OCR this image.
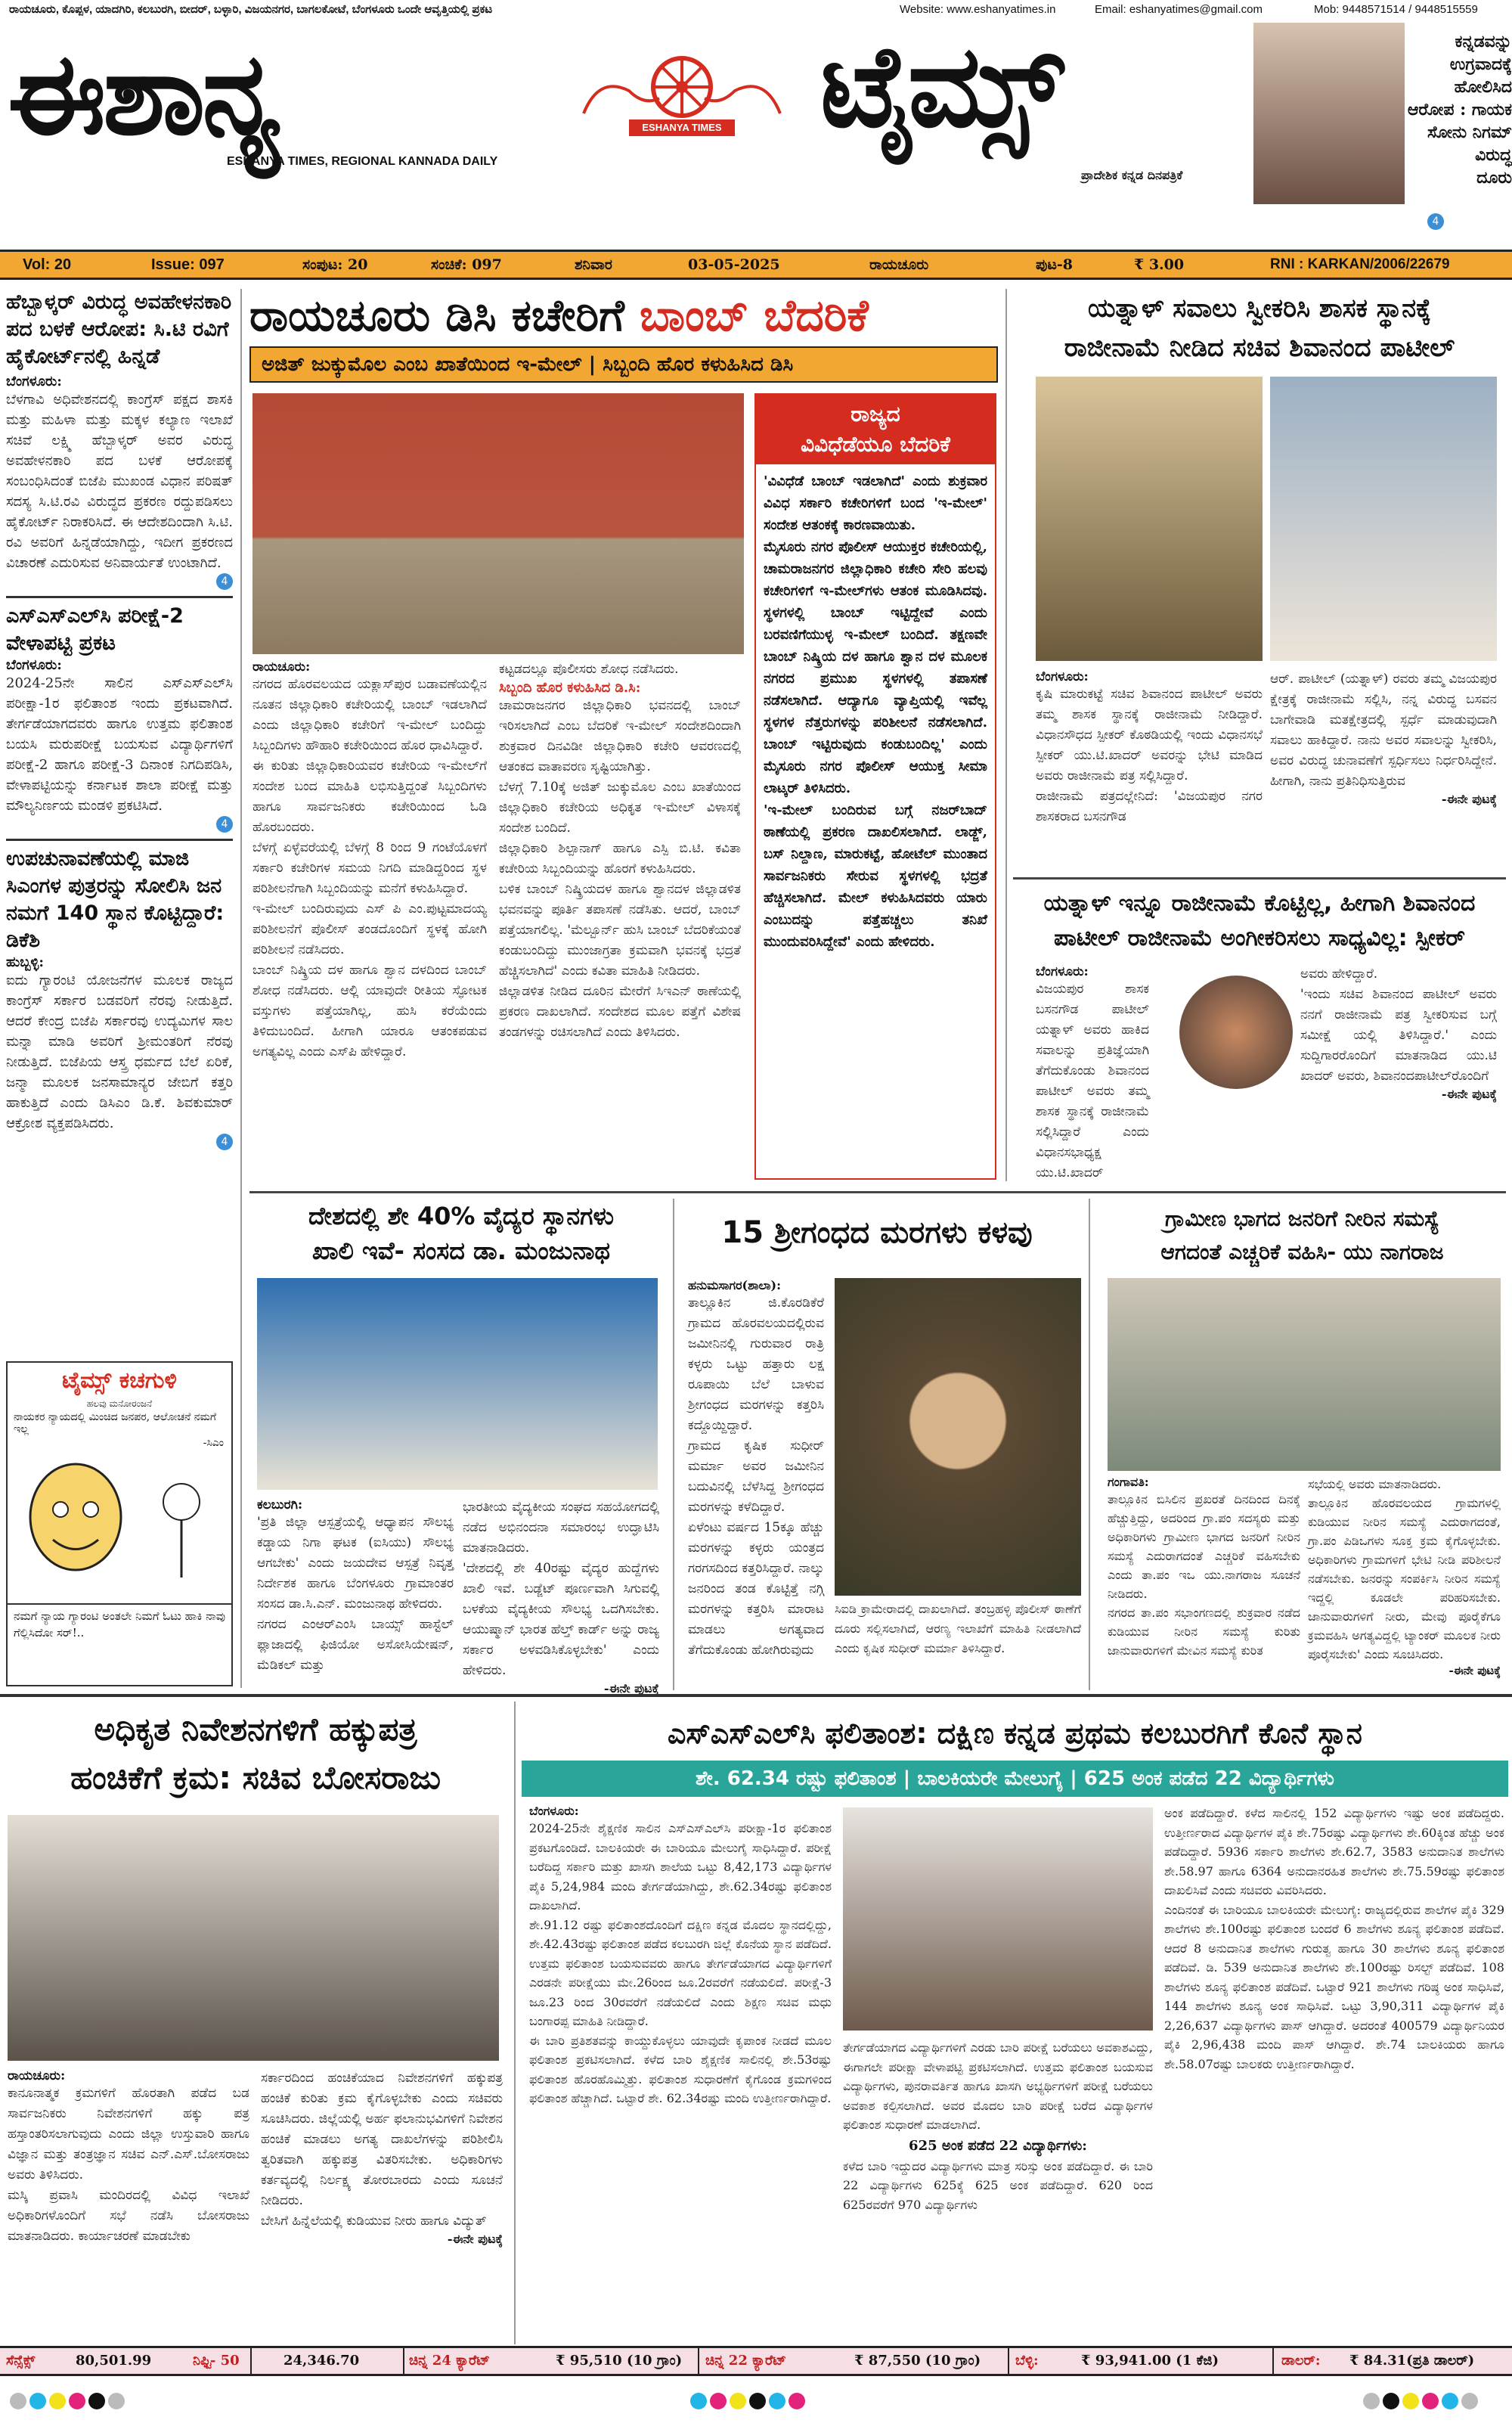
ರಾಯಚೂರು, ಕೊಪ್ಪಳ, ಯಾದಗಿರಿ, ಕಲಬುರಗಿ, ಬೀದರ್, ಬಳ್ಳಾರಿ, ವಿಜಯನಗರ, ಬಾಗಲಕೋಟೆ, ಬೆಂಗಳೂರು ಒಂದೇ ಆವೃತ್ತಿಯಲ್ಲಿ ಪ್ರಕಟ	Website: www.eshanyatimes.in	Email: eshanyatimes@gmail.com	Mob: 9448571514 / 9448515559
ಈಶಾನ್ಯ	ESHANYA TIMES
ESHANYA TIMES, REGIONAL KANNADA DAILY
ಟೈಮ್ಸ್
ಪ್ರಾದೇಶಿಕ ಕನ್ನಡ ದಿನಪತ್ರಿಕೆ
ಕನ್ನಡವನ್ನು
ಉಗ್ರವಾದಕ್ಕೆ
ಹೋಲಿಸಿದ
ಆರೋಪ : ಗಾಯಕ
ಸೋನು ನಿಗಮ್
ವಿರುದ್ಧ
ದೂರು
4
Vol: 20	Issue: 097	ಸಂಪುಟ: 20	ಸಂಚಿಕೆ: 097	ಶನಿವಾರ	03-05-2025	ರಾಯಚೂರು	ಪುಟ-8	₹ 3.00	RNI : KARKAN/2006/22679
ಹೆಬ್ಬಾಳ್ಕರ್ ವಿರುದ್ಧ ಅವಹೇಳನಕಾರಿ ಪದ ಬಳಕೆ ಆರೋಪ: ಸಿ.ಟಿ ರವಿಗೆ ಹೈಕೋರ್ಟ್‌ನಲ್ಲಿ ಹಿನ್ನಡೆ
ಬೆಂಗಳೂರು:
ಬೆಳಗಾವಿ ಅಧಿವೇಶನದಲ್ಲಿ ಕಾಂಗ್ರೆಸ್ ಪಕ್ಷದ ಶಾಸಕಿ ಮತ್ತು ಮಹಿಳಾ ಮತ್ತು ಮಕ್ಕಳ ಕಲ್ಯಾಣ ಇಲಾಖೆ ಸಚಿವೆ ಲಕ್ಷ್ಮಿ ಹೆಬ್ಬಾಳ್ಕರ್ ಅವರ ವಿರುದ್ಧ ಅವಹೇಳನಕಾರಿ ಪದ ಬಳಕೆ ಆರೋಪಕ್ಕೆ ಸಂಬಂಧಿಸಿದಂತೆ ಬಿಜೆಪಿ ಮುಖಂಡ ವಿಧಾನ ಪರಿಷತ್ ಸದಸ್ಯ ಸಿ.ಟಿ.ರವಿ ವಿರುದ್ಧದ ಪ್ರಕರಣ ರದ್ದುಪಡಿಸಲು ಹೈಕೋರ್ಟ್ ನಿರಾಕರಿಸಿದೆ. ಈ ಆದೇಶದಿಂದಾಗಿ ಸಿ.ಟಿ. ರವಿ ಅವರಿಗೆ ಹಿನ್ನಡೆಯಾಗಿದ್ದು, ಇದೀಗ ಪ್ರಕರಣದ ವಿಚಾರಣೆ ಎದುರಿಸುವ ಅನಿವಾರ್ಯತೆ ಉಂಟಾಗಿದೆ.
4
ಎಸ್‌ಎಸ್‌ಎಲ್‌ಸಿ ಪರೀಕ್ಷೆ-2 ವೇಳಾಪಟ್ಟಿ ಪ್ರಕಟ
ಬೆಂಗಳೂರು:
2024-25ನೇ ಸಾಲಿನ ಎಸ್‌ಎಸ್‌ಎಲ್‌ಸಿ ಪರೀಕ್ಷಾ-1ರ ಫಲಿತಾಂಶ ಇಂದು ಪ್ರಕಟವಾಗಿದೆ. ತೇರ್ಗಡೆಯಾಗದವರು ಹಾಗೂ ಉತ್ತಮ ಫಲಿತಾಂಶ ಬಯಸಿ ಮರುಪರೀಕ್ಷೆ ಬಯಸುವ ವಿದ್ಯಾರ್ಥಿಗಳಿಗೆ ಪರೀಕ್ಷೆ-2 ಹಾಗೂ ಪರೀಕ್ಷೆ-3 ದಿನಾಂಕ ನಿಗದಿಪಡಿಸಿ, ವೇಳಾಪಟ್ಟಿಯನ್ನು ಕರ್ನಾಟಕ ಶಾಲಾ ಪರೀಕ್ಷೆ ಮತ್ತು ಮೌಲ್ಯನಿರ್ಣಯ ಮಂಡಳಿ ಪ್ರಕಟಿಸಿದೆ.
4
ಉಪಚುನಾವಣೆಯಲ್ಲಿ ಮಾಜಿ ಸಿಎಂಗಳ ಪುತ್ರರನ್ನು ಸೋಲಿಸಿ ಜನ ನಮಗೆ 140 ಸ್ಥಾನ ಕೊಟ್ಟಿದ್ದಾರೆ: ಡಿಕೆಶಿ
ಹುಬ್ಬಳ್ಳಿ:
ಐದು ಗ್ಯಾರಂಟಿ ಯೋಜನೆಗಳ ಮೂಲಕ ರಾಜ್ಯದ ಕಾಂಗ್ರೆಸ್ ಸರ್ಕಾರ ಬಡವರಿಗೆ ನೆರವು ನೀಡುತ್ತಿದೆ. ಆದರೆ ಕೇಂದ್ರ ಬಿಜೆಪಿ ಸರ್ಕಾರವು ಉದ್ಯಮಿಗಳ ಸಾಲ ಮನ್ನಾ ಮಾಡಿ ಅವರಿಗೆ ಶ್ರೀಮಂತರಿಗೆ ನೆರವು ನೀಡುತ್ತಿದೆ. ಬಿಜೆಪಿಯ ಆಸ್ತ್ರ ಧರ್ಮದ ಬೆಲೆ ಏರಿಕೆ, ಜನ್ಮಾ ಮೂಲಕ ಜನಸಾಮಾನ್ಯರ ಜೇಬಿಗೆ ಕತ್ತರಿ ಹಾಕುತ್ತಿದೆ ಎಂದು ಡಿಸಿಎಂ ಡಿ.ಕೆ. ಶಿವಕುಮಾರ್ ಆಕ್ರೋಶ ವ್ಯಕ್ತಪಡಿಸಿದರು.
4
ಟೈಮ್ಸ್ ಕಚಗುಳಿ
ಹಲವು ಮನೋರಂಜನೆ
ನಾಯಕರ ನ್ಯಾಯದಲ್ಲಿ ಮಿಂಚಿದ ಜನಪರ, ಆಲೋಚನೆ ನಮಗೆ ಇಲ್ಲ
-ಸಿಎಂ
ನಮಗೆ ನ್ಯಾಯ ಗ್ಯಾರಂಟಿ ಅಂತಲೇ ನಿಮಗೆ ಓಟು ಹಾಕಿ ನಾವು ಗೆಲ್ಲಿಸಿದೋ ಸರ್!..
ರಾಯಚೂರು ಡಿಸಿ ಕಚೇರಿಗೆ ಬಾಂಬ್ ಬೆದರಿಕೆ
ಅಜಿತ್ ಜುಕ್ಕುಮೊಲ ಎಂಬ ಖಾತೆಯಿಂದ ಇ-ಮೇಲ್ | ಸಿಬ್ಬಂದಿ ಹೊರ ಕಳುಹಿಸಿದ ಡಿಸಿ
ರಾಯಚೂರು:
ನಗರದ ಹೊರವಲಯದ ಯಕ್ಲಾಸ್‌ಪುರ ಬಡಾವಣೆಯಲ್ಲಿನ ನೂತನ ಜಿಲ್ಲಾಧಿಕಾರಿ ಕಚೇರಿಯಲ್ಲಿ ಬಾಂಬ್ ಇಡಲಾಗಿದೆ ಎಂದು ಜಿಲ್ಲಾಧಿಕಾರಿ ಕಚೇರಿಗೆ ಇ-ಮೇಲ್ ಬಂದಿದ್ದು ಸಿಬ್ಬಂದಿಗಳು ಹೌಹಾರಿ ಕಚೇರಿಯಿಂದ ಹೊರ ಧಾವಿಸಿದ್ದಾರೆ.
ಈ ಕುರಿತು ಜಿಲ್ಲಾಧಿಕಾರಿಯವರ ಕಚೇರಿಯ ಇ-ಮೇಲ್‌ಗೆ ಸಂದೇಶ ಬಂದ ಮಾಹಿತಿ ಲಭಿಸುತ್ತಿದ್ದಂತೆ ಸಿಬ್ಬಂದಿಗಳು ಹಾಗೂ ಸಾರ್ವಜನಿಕರು ಕಚೇರಿಯಿಂದ ಓಡಿ ಹೊರಬಂದರು.
ಬೆಳಗ್ಗೆ ಏಳ್ಳೆವರೆಯಲ್ಲಿ ಬೆಳಗ್ಗೆ 8 ರಿಂದ 9 ಗಂಟೆಯೊಳಗೆ ಸರ್ಕಾರಿ ಕಚೇರಿಗಳ ಸಮಯ ನಿಗದಿ ಮಾಡಿದ್ದರಿಂದ ಸ್ಥಳ ಪರಿಶೀಲನೆಗಾಗಿ ಸಿಬ್ಬಂದಿಯನ್ನು ಮನೆಗೆ ಕಳುಹಿಸಿದ್ದಾರೆ.
ಇ-ಮೇಲ್ ಬಂದಿರುವುದು ಎಸ್ ಪಿ ಎಂ.ಪುಟ್ಟಮಾದಯ್ಯ ಪರಿಶೀಲನೆಗೆ ಪೊಲೀಸ್ ತಂಡದೊಂದಿಗೆ ಸ್ಥಳಕ್ಕೆ ಹೋಗಿ ಪರಿಶೀಲನೆ ನಡೆಸಿದರು.
ಬಾಂಬ್ ನಿಷ್ಕ್ರಿಯ ದಳ ಹಾಗೂ ಶ್ವಾನ ದಳದಿಂದ ಬಾಂಬ್ ಶೋಧ ನಡೆಸಿದರು. ಆಲ್ಲಿ ಯಾವುದೇ ರೀತಿಯ ಸ್ಫೋಟಕ ವಸ್ತುಗಳು ಪತ್ತೆಯಾಗಿಲ್ಲ, ಹುಸಿ ಕರೆಯೆಂದು ತಿಳಿದುಬಂದಿದೆ. ಹೀಗಾಗಿ ಯಾರೂ ಆತಂಕಪಡುವ ಅಗತ್ಯವಿಲ್ಲ ಎಂದು ಎಸ್‌ಪಿ ಹೇಳಿದ್ದಾರೆ.
ಕಟ್ಟಡದಲ್ಲೂ ಪೊಲೀಸರು ಶೋಧ ನಡೆಸಿದರು.
ಸಿಬ್ಬಂದಿ ಹೊರ ಕಳುಹಿಸಿದ ಡಿ.ಸಿ:
ಚಾಮರಾಜನಗರ ಜಿಲ್ಲಾಧಿಕಾರಿ ಭವನದಲ್ಲಿ ಬಾಂಬ್ ಇರಿಸಲಾಗಿದೆ ಎಂಬ ಬೆದರಿಕೆ ಇ-ಮೇಲ್ ಸಂದೇಶದಿಂದಾಗಿ ಶುಕ್ರವಾರ ದಿನವಿಡೀ ಜಿಲ್ಲಾಧಿಕಾರಿ ಕಚೇರಿ ಆವರಣದಲ್ಲಿ ಆತಂಕದ ವಾತಾವರಣ ಸೃಷ್ಟಿಯಾಗಿತ್ತು.
ಬೆಳಗ್ಗೆ 7.10ಕ್ಕೆ ಅಜಿತ್ ಜುಕ್ಕುಮೊಲ ಎಂಬ ಖಾತೆಯಿಂದ ಜಿಲ್ಲಾಧಿಕಾರಿ ಕಚೇರಿಯ ಅಧಿಕೃತ ಇ-ಮೇಲ್ ವಿಳಾಸಕ್ಕೆ ಸಂದೇಶ ಬಂದಿದೆ.
ಜಿಲ್ಲಾಧಿಕಾರಿ ಶಿಲ್ಪಾನಾಗ್ ಹಾಗೂ ಎಸ್ಪಿ ಬಿ.ಟಿ. ಕವಿತಾ ಕಚೇರಿಯ ಸಿಬ್ಬಂದಿಯನ್ನು ಹೊರಗೆ ಕಳುಹಿಸಿದರು.
ಬಳಿಕ ಬಾಂಬ್ ನಿಷ್ಕ್ರಿಯದಳ ಹಾಗೂ ಶ್ವಾನದಳ ಜಿಲ್ಲಾಡಳಿತ ಭವನವನ್ನು ಪೂರ್ತಿ ತಪಾಸಣೆ ನಡೆಸಿತು. ಆದರೆ, ಬಾಂಬ್ ಪತ್ತೆಯಾಗಲಿಲ್ಲ. 'ಮೆಲ್ಬೂರ್ನ್ ಹುಸಿ ಬಾಂಬ್ ಬೆದರಿಕೆಯಂತೆ ಕಂಡುಬಂದಿದ್ದು ಮುಂಜಾಗ್ರತಾ ಕ್ರಮವಾಗಿ ಭವನಕ್ಕೆ ಭದ್ರತೆ ಹೆಚ್ಚಿಸಲಾಗಿದೆ' ಎಂದು ಕವಿತಾ ಮಾಹಿತಿ ನೀಡಿದರು.
ಜಿಲ್ಲಾಡಳಿತ ನೀಡಿದ ದೂರಿನ ಮೇರೆಗೆ ಸಿಇಎನ್ ಠಾಣೆಯಲ್ಲಿ ಪ್ರಕರಣ ದಾಖಲಾಗಿದೆ. ಸಂದೇಶದ ಮೂಲ ಪತ್ತೆಗೆ ವಿಶೇಷ ತಂಡಗಳನ್ನು ರಚಿಸಲಾಗಿದೆ ಎಂದು ತಿಳಿಸಿದರು.
ರಾಜ್ಯದ
ವಿವಿಧೆಡೆಯೂ ಬೆದರಿಕೆ
'ವಿವಿಧೆಡೆ ಬಾಂಬ್ ಇಡಲಾಗಿದೆ' ಎಂದು ಶುಕ್ರವಾರ ವಿವಿಧ ಸರ್ಕಾರಿ ಕಚೇರಿಗಳಿಗೆ ಬಂದ 'ಇ-ಮೇಲ್' ಸಂದೇಶ ಆತಂಕಕ್ಕೆ ಕಾರಣವಾಯಿತು.
ಮೈಸೂರು ನಗರ ಪೊಲೀಸ್ ಆಯುಕ್ತರ ಕಚೇರಿಯಲ್ಲಿ, ಚಾಮರಾಜನಗರ ಜಿಲ್ಲಾಧಿಕಾರಿ ಕಚೇರಿ ಸೇರಿ ಹಲವು ಕಚೇರಿಗಳಿಗೆ ಇ-ಮೇಲ್‌ಗಳು ಆತಂಕ ಮೂಡಿಸಿದವು. ಸ್ಥಳಗಳಲ್ಲಿ ಬಾಂಬ್ ಇಟ್ಟಿದ್ದೇವೆ ಎಂದು ಬರವಣಿಗೆಯುಳ್ಳ ಇ-ಮೇಲ್ ಬಂದಿದೆ. ತಕ್ಷಣವೇ ಬಾಂಬ್ ನಿಷ್ಕ್ರಿಯ ದಳ ಹಾಗೂ ಶ್ವಾನ ದಳ ಮೂಲಕ ನಗರದ ಪ್ರಮುಖ ಸ್ಥಳಗಳಲ್ಲಿ ತಪಾಸಣೆ ನಡೆಸಲಾಗಿದೆ. ಆದ್ಯಾಗೂ ವ್ಯಾಪ್ತಿಯಲ್ಲಿ ಇವೆಲ್ಲ ಸ್ಥಳಗಳ ನೆತ್ತರುಗಳನ್ನು ಪರಿಶೀಲನೆ ನಡೆಸಲಾಗಿದೆ. ಬಾಂಬ್ ಇಟ್ಟಿರುವುದು ಕಂಡುಬಂದಿಲ್ಲ' ಎಂದು ಮೈಸೂರು ನಗರ ಪೊಲೀಸ್ ಆಯುಕ್ತ ಸೀಮಾ ಲಾಟ್ಕರ್ ತಿಳಿಸಿದರು.
'ಇ-ಮೇಲ್ ಬಂದಿರುವ ಬಗ್ಗೆ ನಜರ್‌ಬಾದ್ ಠಾಣೆಯಲ್ಲಿ ಪ್ರಕರಣ ದಾಖಲಿಸಲಾಗಿದೆ. ಲಾಡ್ಜ್, ಬಸ್ ನಿಲ್ದಾಣ, ಮಾರುಕಟ್ಟೆ, ಹೋಟೆಲ್ ಮುಂತಾದ ಸಾರ್ವಜನಿಕರು ಸೇರುವ ಸ್ಥಳಗಳಲ್ಲಿ ಭದ್ರತೆ ಹೆಚ್ಚಿಸಲಾಗಿದೆ. ಮೇಲ್ ಕಳುಹಿಸಿದವರು ಯಾರು ಎಂಬುದನ್ನು ಪತ್ತೆಹಚ್ಚಲು ತನಿಖೆ ಮುಂದುವರಿಸಿದ್ದೇವೆ' ಎಂದು ಹೇಳಿದರು.
ಯತ್ನಾಳ್ ಸವಾಲು ಸ್ವೀಕರಿಸಿ ಶಾಸಕ ಸ್ಥಾನಕ್ಕೆ
ರಾಜೀನಾಮೆ ನೀಡಿದ ಸಚಿವ ಶಿವಾನಂದ ಪಾಟೀಲ್
ಬೆಂಗಳೂರು:
ಕೃಷಿ ಮಾರುಕಟ್ಟೆ ಸಚಿವ ಶಿವಾನಂದ ಪಾಟೀಲ್ ಅವರು ತಮ್ಮ ಶಾಸಕ ಸ್ಥಾನಕ್ಕೆ ರಾಜೀನಾಮೆ ನೀಡಿದ್ದಾರೆ. ವಿಧಾನಸೌಧದ ಸ್ಪೀಕರ್ ಕೊಠಡಿಯಲ್ಲಿ ಇಂದು ವಿಧಾನಸಭೆ ಸ್ಪೀಕರ್ ಯು.ಟಿ.ಖಾದರ್ ಅವರನ್ನು ಭೇಟಿ ಮಾಡಿದ ಅವರು ರಾಜೀನಾಮೆ ಪತ್ರ ಸಲ್ಲಿಸಿದ್ದಾರೆ.
ರಾಜೀನಾಮೆ ಪತ್ರದಲ್ಲೇನಿದೆ: 'ವಿಜಯಪುರ ನಗರ ಶಾಸಕರಾದ ಬಸನಗೌಡ
ಆರ್. ಪಾಟೀಲ್ (ಯತ್ನಾಳ್) ರವರು ತಮ್ಮ ವಿಜಯಪುರ ಕ್ಷೇತ್ರಕ್ಕೆ ರಾಜೀನಾಮೆ ಸಲ್ಲಿಸಿ, ನನ್ನ ವಿರುದ್ಧ ಬಸವನ ಬಾಗೇವಾಡಿ ಮತಕ್ಷೇತ್ರದಲ್ಲಿ ಸ್ಪರ್ಧೆ ಮಾಡುವುದಾಗಿ ಸವಾಲು ಹಾಕಿದ್ದಾರೆ. ನಾನು ಅವರ ಸವಾಲನ್ನು ಸ್ವೀಕರಿಸಿ, ಅವರ ವಿರುದ್ಧ ಚುನಾವಣೆಗೆ ಸ್ಪರ್ಧಿಸಲು ನಿರ್ಧರಿಸಿದ್ದೇನೆ. ಹೀಗಾಗಿ, ನಾನು ಪ್ರತಿನಿಧಿಸುತ್ತಿರುವ
-ಈನೇ ಪುಟಕ್ಕೆ
ಯತ್ನಾಳ್ ಇನ್ನೂ ರಾಜೀನಾಮೆ ಕೊಟ್ಟಿಲ್ಲ, ಹೀಗಾಗಿ ಶಿವಾನಂದ
ಪಾಟೀಲ್ ರಾಜೀನಾಮೆ ಅಂಗೀಕರಿಸಲು ಸಾಧ್ಯವಿಲ್ಲ: ಸ್ಪೀಕರ್
ಬೆಂಗಳೂರು:
ವಿಜಯಪುರ ಶಾಸಕ ಬಸನಗೌಡ ಪಾಟೀಲ್ ಯತ್ನಾಳ್ ಅವರು ಹಾಕಿದ ಸವಾಲನ್ನು ಪ್ರತಿಜ್ಞೆಯಾಗಿ ತೆಗೆದುಕೊಂಡು ಶಿವಾನಂದ ಪಾಟೀಲ್ ಅವರು ತಮ್ಮ ಶಾಸಕ ಸ್ಥಾನಕ್ಕೆ ರಾಜೀನಾಮೆ ಸಲ್ಲಿಸಿದ್ದಾರೆ ಎಂದು ವಿಧಾನಸಭಾಧ್ಯಕ್ಷ ಯು.ಟಿ.ಖಾದರ್
ಅವರು ಹೇಳಿದ್ದಾರೆ.
'ಇಂದು ಸಚಿವ ಶಿವಾನಂದ ಪಾಟೀಲ್ ಅವರು ನನಗೆ ರಾಜೀನಾಮೆ ಪತ್ರ ಸ್ವೀಕರಿಸುವ ಬಗ್ಗೆ ಸಮೀಕ್ಷೆ ಯಲ್ಲಿ ತಿಳಿಸಿದ್ದಾರೆ.' ಎಂದು ಸುದ್ದಿಗಾರರೊಂದಿಗೆ ಮಾತನಾಡಿದ ಯು.ಟಿ ಖಾದರ್ ಅವರು, ಶಿವಾನಂದಪಾಟೀಲ್‌ರೊಂದಿಗೆ
-ಈನೇ ಪುಟಕ್ಕೆ
ದೇಶದಲ್ಲಿ ಶೇ 40% ವೈದ್ಯರ ಸ್ಥಾನಗಳು
ಖಾಲಿ ಇವೆ- ಸಂಸದ ಡಾ. ಮಂಜುನಾಥ
ಕಲಬುರಗಿ:
'ಪ್ರತಿ ಜಿಲ್ಲಾ ಆಸ್ಪತ್ರೆಯಲ್ಲಿ ಆಧ್ಯಾಪನ ಸೌಲಭ್ಯ ಕಡ್ಡಾಯ ನಿಗಾ ಘಟಕ (ಐಸಿಯು) ಸೌಲಭ್ಯ ಆಗಬೇಕು' ಎಂದು ಜಯದೇವ ಆಸ್ಪತ್ರೆ ನಿವೃತ್ತ ನಿರ್ದೇಶಕ ಹಾಗೂ ಬೆಂಗಳೂರು ಗ್ರಾಮಾಂತರ ಸಂಸದ ಡಾ.ಸಿ.ಎನ್. ಮಂಜುನಾಥ ಹೇಳಿದರು.
ನಗರದ ಎಂಆರ್‌ಎಂಸಿ ಬಾಯ್ಸ್ ಹಾಸ್ಟೆಲ್ ಪ್ಲಾಜಾದಲ್ಲಿ ಫಿಜಿಯೋ ಅಸೋಸಿಯೇಷನ್, ಮೆಡಿಕಲ್ ಮತ್ತು
ಭಾರತೀಯ ವೈದ್ಯಕೀಯ ಸಂಘದ ಸಹಯೋಗದಲ್ಲಿ ನಡೆದ ಅಭಿನಂದನಾ ಸಮಾರಂಭ ಉದ್ಘಾಟಿಸಿ ಮಾತನಾಡಿದರು.
'ದೇಶದಲ್ಲಿ ಶೇ 40ರಷ್ಟು ವೈದ್ಯರ ಹುದ್ದೆಗಳು ಖಾಲಿ ಇವೆ. ಬಡ್ಜೆಟ್ ಪೂರ್ಣವಾಗಿ ಸಿಗುವಲ್ಲಿ ಬಳಕೆಯ ವೈದ್ಯಕೀಯ ಸೌಲಭ್ಯ ಒದಗಿಸಬೇಕು. ಆಯುಷ್ಮಾನ್ ಭಾರತ ಹೆಲ್ತ್ ಕಾರ್ಡ್ ಅನ್ನು ರಾಜ್ಯ ಸರ್ಕಾರ ಅಳವಡಿಸಿಕೊಳ್ಳಬೇಕು' ಎಂದು ಹೇಳಿದರು.
-ಈನೇ ಪುಟಕ್ಕೆ
15 ಶ್ರೀಗಂಧದ ಮರಗಳು ಕಳವು
ಹನುಮಸಾಗರ(ಶಾಲಾ):
ತಾಲ್ಲೂಕಿನ ಜಿ.ಕೊರಡಿಕೆರೆ ಗ್ರಾಮದ ಹೊರವಲಯದಲ್ಲಿರುವ ಜಮೀನಿನಲ್ಲಿ ಗುರುವಾರ ರಾತ್ರಿ ಕಳ್ಳರು ಒಟ್ಟು ಹತ್ತಾರು ಲಕ್ಷ ರೂಪಾಯಿ ಬೆಲೆ ಬಾಳುವ ಶ್ರೀಗಂಧದ ಮರಗಳನ್ನು ಕತ್ತರಿಸಿ ಕದ್ದೊಯ್ದಿದ್ದಾರೆ.
ಗ್ರಾಮದ ಕೃಷಿಕ ಸುಧೀರ್ ಮರ್ಮಾ ಅವರ ಜಮೀನಿನ ಬದುವಿನಲ್ಲಿ ಬೆಳೆಸಿದ್ದ ಶ್ರೀಗಂಧದ ಮರಗಳನ್ನು ಕಳೆದಿದ್ದಾರೆ.
ಏಳೆಂಟು ವರ್ಷದ 15ಕ್ಕೂ ಹೆಚ್ಚು ಮರಗಳನ್ನು ಕಳ್ಳರು ಯಂತ್ರದ ಗರಗಸದಿಂದ ಕತ್ತರಿಸಿದ್ದಾರೆ. ನಾಲ್ಕು ಜನರಿಂದ ತಂಡ ಕೊಟ್ಟಿತ್ತೆ ನಗ್ಗಿ ಮರಗಳನ್ನು ಕತ್ತರಿಸಿ ಮಾರಾಟ ಮಾಡಲು ಅಗತ್ಯವಾದ ತೆಗೆದುಕೊಂಡು ಹೋಗಿರುವುದು
ಸಿಐಡಿ ಕ್ರಾಮೇರಾದಲ್ಲಿ ದಾಖಲಾಗಿದೆ. ತಂಬ್ರಹಳ್ಳಿ ಪೊಲೀಸ್ ಠಾಣೆಗೆ ದೂರು ಸಲ್ಲಿಸಲಾಗಿದೆ, ಆರಣ್ಯ ಇಲಾಖೆಗೆ ಮಾಹಿತಿ ನೀಡಲಾಗಿದೆ ಎಂದು ಕೃಷಿಕ ಸುಧೀರ್ ಮರ್ಮಾ ತಿಳಿಸಿದ್ದಾರೆ.
ಗ್ರಾಮೀಣ ಭಾಗದ ಜನರಿಗೆ ನೀರಿನ ಸಮಸ್ಯೆ
ಆಗದಂತೆ ಎಚ್ಚರಿಕೆ ವಹಿಸಿ- ಯು ನಾಗರಾಜ
ಗಂಗಾವತಿ:
ತಾಲ್ಲೂಕಿನ ಬಿಸಿಲಿನ ಪ್ರಖರತೆ ದಿನದಿಂದ ದಿನಕ್ಕೆ ಹೆಚ್ಚುತ್ತಿದ್ದು, ಅದರಿಂದ ಗ್ರಾ.ಪಂ ಸದಸ್ಯರು ಮತ್ತು ಅಧಿಕಾರಿಗಳು ಗ್ರಾಮೀಣ ಭಾಗದ ಜನರಿಗೆ ನೀರಿನ ಸಮಸ್ಯೆ ಎದುರಾಗದಂತೆ ಎಚ್ಚರಿಕೆ ವಹಿಸಬೇಕು ಎಂದು ತಾ.ಪಂ ಇಒ ಯು.ನಾಗರಾಜ ಸೂಚನೆ ನೀಡಿದರು.
ನಗರದ ತಾ.ಪಂ ಸಭಾಂಗಣದಲ್ಲಿ ಶುಕ್ರವಾರ ನಡೆದ ಕುಡಿಯುವ ನೀರಿನ ಸಮಸ್ಯೆ ಕುರಿತು ಜಾನುವಾರುಗಳಿಗೆ ಮೇವಿನ ಸಮಸ್ಯೆ ಕುರಿತ
ಸಭೆಯಲ್ಲಿ ಅವರು ಮಾತನಾಡಿದರು.
ತಾಲ್ಲೂಕಿನ ಹೊರವಲಯದ ಗ್ರಾಮಗಳಲ್ಲಿ ಕುಡಿಯುವ ನೀರಿನ ಸಮಸ್ಯೆ ಎದುರಾಗದಂತೆ, ಗ್ರಾ.ಪಂ ಪಿಡಿಒಗಳು ಸೂಕ್ತ ಕ್ರಮ ಕೈಗೊಳ್ಳಬೇಕು. ಅಧಿಕಾರಿಗಳು ಗ್ರಾಮಗಳಿಗೆ ಭೇಟಿ ನೀಡಿ ಪರಿಶೀಲನೆ ನಡೆಸಬೇಕು. ಜನರನ್ನು ಸಂಪರ್ಕಿಸಿ ನೀರಿನ ಸಮಸ್ಯೆ ಇದ್ದಲ್ಲಿ ಕೂಡಲೇ ಪರಿಹರಿಸಬೇಕು. ಜಾನುವಾರುಗಳಿಗೆ ನೀರು, ಮೇವು ಪೂರೈಕೆಗೂ ಕ್ರಮವಹಿಸಿ ಅಗತ್ಯವಿದ್ದಲ್ಲಿ ಟ್ಯಾಂಕರ್ ಮೂಲಕ ನೀರು ಪೂರೈಸಬೇಕು' ಎಂದು ಸೂಚಿಸಿದರು.
-ಈನೇ ಪುಟಕ್ಕೆ
ಅಧಿಕೃತ ನಿವೇಶನಗಳಿಗೆ ಹಕ್ಕುಪತ್ರ
ಹಂಚಿಕೆಗೆ ಕ್ರಮ: ಸಚಿವ ಬೋಸರಾಜು
ರಾಯಚೂರು:
ಕಾನೂನಾತ್ಮಕ ಕ್ರಮಗಳಿಗೆ ಹೊರತಾಗಿ ಪಡೆದ ಬಡ ಸಾರ್ವಜನಿಕರು ನಿವೇಶನಗಳಿಗೆ ಹಕ್ಕು ಪತ್ರ ಹಸ್ತಾಂತರಿಸಲಾಗುವುದು ಎಂದು ಜಿಲ್ಲಾ ಉಸ್ತುವಾರಿ ಹಾಗೂ ವಿಜ್ಞಾನ ಮತ್ತು ತಂತ್ರಜ್ಞಾನ ಸಚಿವ ಎನ್.ಎಸ್.ಬೋಸರಾಜು ಅವರು ತಿಳಿಸಿದರು.
ಮಸ್ಕಿ ಪ್ರವಾಸಿ ಮಂದಿರದಲ್ಲಿ ವಿವಿಧ ಇಲಾಖೆ ಅಧಿಕಾರಿಗಳೊಂದಿಗೆ ಸಭೆ ನಡೆಸಿ ಬೋಸರಾಜು ಮಾತನಾಡಿದರು. ಕಾರ್ಯಾಚರಣೆ ಮಾಡಬೇಕು
ಸರ್ಕಾರದಿಂದ ಹಂಚಿಕೆಯಾದ ನಿವೇಶನಗಳಿಗೆ ಹಕ್ಕುಪತ್ರ ಹಂಚಿಕೆ ಕುರಿತು ಕ್ರಮ ಕೈಗೊಳ್ಳಬೇಕು ಎಂದು ಸಚಿವರು ಸೂಚಿಸಿದರು. ಜಿಲ್ಲೆಯಲ್ಲಿ ಅರ್ಹ ಫಲಾನುಭವಿಗಳಿಗೆ ನಿವೇಶನ ಹಂಚಿಕೆ ಮಾಡಲು ಅಗತ್ಯ ದಾಖಲೆಗಳನ್ನು ಪರಿಶೀಲಿಸಿ ತ್ವರಿತವಾಗಿ ಹಕ್ಕುಪತ್ರ ವಿತರಿಸಬೇಕು. ಅಧಿಕಾರಿಗಳು ಕರ್ತವ್ಯದಲ್ಲಿ ನಿರ್ಲಕ್ಷ್ಯ ತೋರಬಾರದು ಎಂದು ಸೂಚನೆ ನೀಡಿದರು.
ಬೇಸಿಗೆ ಹಿನ್ನೆಲೆಯಲ್ಲಿ ಕುಡಿಯುವ ನೀರು ಹಾಗೂ ವಿದ್ಯುತ್
-ಈನೇ ಪುಟಕ್ಕೆ
ಎಸ್‌ಎಸ್‌ಎಲ್‌ಸಿ ಫಲಿತಾಂಶ: ದಕ್ಷಿಣ ಕನ್ನಡ ಪ್ರಥಮ ಕಲಬುರಗಿಗೆ ಕೊನೆ ಸ್ಥಾನ
ಶೇ. 62.34 ರಷ್ಟು ಫಲಿತಾಂಶ | ಬಾಲಕಿಯರೇ ಮೇಲುಗೈ | 625 ಅಂಕ ಪಡೆದ 22 ವಿದ್ಯಾರ್ಥಿಗಳು
ಬೆಂಗಳೂರು:
2024-25ನೇ ಶೈಕ್ಷಣಿಕ ಸಾಲಿನ ಎಸ್‌ಎಸ್‌ಎಲ್‌ಸಿ ಪರೀಕ್ಷಾ-1ರ ಫಲಿತಾಂಶ ಪ್ರಕಟಗೊಂಡಿದೆ. ಬಾಲಕಿಯರೇ ಈ ಬಾರಿಯೂ ಮೇಲುಗೈ ಸಾಧಿಸಿದ್ದಾರೆ. ಪರೀಕ್ಷೆ ಬರೆದಿದ್ದ ಸರ್ಕಾರಿ ಮತ್ತು ಖಾಸಗಿ ಶಾಲೆಯ ಒಟ್ಟು 8,42,173 ವಿದ್ಯಾರ್ಥಿಗಳ ಪೈಕಿ 5,24,984 ಮಂದಿ ತೇರ್ಗಡೆಯಾಗಿದ್ದು, ಶೇ.62.34ರಷ್ಟು ಫಲಿತಾಂಶ ದಾಖಲಾಗಿದೆ.
ಶೇ.91.12 ರಷ್ಟು ಫಲಿತಾಂಶದೊಂದಿಗೆ ದಕ್ಷಿಣ ಕನ್ನಡ ಮೊದಲ ಸ್ಥಾನದಲ್ಲಿದ್ದು, ಶೇ.42.43ರಷ್ಟು ಫಲಿತಾಂಶ ಪಡೆದ ಕಲಬುರಗಿ ಜಿಲ್ಲೆ ಕೊನೆಯ ಸ್ಥಾನ ಪಡೆದಿದೆ. ಉತ್ತಮ ಫಲಿತಾಂಶ ಬಯಸುವವರು ಹಾಗೂ ತೇರ್ಗಡೆಯಾಗದ ವಿದ್ಯಾರ್ಥಿಗಳಿಗೆ ಎರಡನೇ ಪರೀಕ್ಷೆಯು ಮೇ.26ರಿಂದ ಜೂ.2ರವರೆಗೆ ನಡೆಯಲಿದೆ. ಪರೀಕ್ಷೆ-3 ಜೂ.23 ರಿಂದ 30ರವರೆಗೆ ನಡೆಯಲಿದೆ ಎಂದು ಶಿಕ್ಷಣ ಸಚಿವ ಮಧು ಬಂಗಾರಪ್ಪ ಮಾಹಿತಿ ನೀಡಿದ್ದಾರೆ.
ಈ ಬಾರಿ ಪ್ರತಿಶತವನ್ನು ಕಾಯ್ದುಕೊಳ್ಳಲು ಯಾವುದೇ ಕೃಪಾಂಕ ನೀಡದೆ ಮೂಲ ಫಲಿತಾಂಶ ಪ್ರಕಟಿಸಲಾಗಿದೆ. ಕಳೆದ ಬಾರಿ ಶೈಕ್ಷಣಿಕ ಸಾಲಿನಲ್ಲಿ ಶೇ.53ರಷ್ಟು ಫಲಿತಾಂಶ ಹೊರಹೊಮ್ಮಿತ್ತು. ಫಲಿತಾಂಶ ಸುಧಾರಣೆಗೆ ಕೈಗೊಂಡ ಕ್ರಮಗಳಿಂದ ಫಲಿತಾಂಶ ಹೆಚ್ಚಾಗಿದೆ. ಒಟ್ಟಾರೆ ಶೇ. 62.34ರಷ್ಟು ಮಂದಿ ಉತ್ತೀರ್ಣರಾಗಿದ್ದಾರೆ.
ತೇರ್ಗಡೆಯಾಗದ ವಿದ್ಯಾರ್ಥಿಗಳಿಗೆ ಎರಡು ಬಾರಿ ಪರೀಕ್ಷೆ ಬರೆಯಲು ಅವಕಾಶವಿದ್ದು, ಈಗಾಗಲೇ ಪರೀಕ್ಷಾ ವೇಳಾಪಟ್ಟಿ ಪ್ರಕಟಿಸಲಾಗಿದೆ. ಉತ್ತಮ ಫಲಿತಾಂಶ ಬಯಸುವ ವಿದ್ಯಾರ್ಥಿಗಳು, ಪುನರಾವರ್ತಿತ ಹಾಗೂ ಖಾಸಗಿ ಅಭ್ಯರ್ಥಿಗಳಿಗೆ ಪರೀಕ್ಷೆ ಬರೆಯಲು ಅವಕಾಶ ಕಲ್ಪಿಸಲಾಗಿದೆ. ಅವರ ಮೊದಲ ಬಾರಿ ಪರೀಕ್ಷೆ ಬರೆದ ವಿದ್ಯಾರ್ಥಿಗಳ ಫಲಿತಾಂಶ ಸುಧಾರಣೆ ಮಾಡಲಾಗಿದೆ.
625 ಅಂಕ ಪಡೆದ 22 ವಿದ್ಯಾರ್ಥಿಗಳು:
ಕಳೆದ ಬಾರಿ ಇದ್ದುದರ ವಿದ್ಯಾರ್ಥಿಗಳು ಮಾತ್ರ ಸರಿಸ್ಸು ಅಂಕ ಪಡೆದಿದ್ದಾರೆ. ಈ ಬಾರಿ 22 ವಿದ್ಯಾರ್ಥಿಗಳು 625ಕ್ಕೆ 625 ಅಂಕ ಪಡೆದಿದ್ದಾರೆ. 620 ರಿಂದ 625ರವರೆಗೆ 970 ವಿದ್ಯಾರ್ಥಿಗಳು
ಅಂಕ ಪಡೆದಿದ್ದಾರೆ. ಕಳೆದ ಸಾಲಿನಲ್ಲಿ 152 ವಿದ್ಯಾರ್ಥಿಗಳು ಇಷ್ಟು ಅಂಕ ಪಡೆದಿದ್ದರು. ಉತ್ತೀರ್ಣರಾದ ವಿದ್ಯಾರ್ಥಿಗಳ ಪೈಕಿ ಶೇ.75ರಷ್ಟು ವಿದ್ಯಾರ್ಥಿಗಳು ಶೇ.60ಕ್ಕಿಂತ ಹೆಚ್ಚು ಅಂಕ ಪಡೆದಿದ್ದಾರೆ. 5936 ಸರ್ಕಾರಿ ಶಾಲೆಗಳು ಶೇ.62.7, 3583 ಅನುದಾನಿತ ಶಾಲೆಗಳು ಶೇ.58.97 ಹಾಗೂ 6364 ಅನುದಾನರಹಿತ ಶಾಲೆಗಳು ಶೇ.75.59ರಷ್ಟು ಫಲಿತಾಂಶ ದಾಖಲಿಸಿವೆ ಎಂದು ಸಚಿವರು ವಿವರಿಸಿದರು.
ಎಂದಿನಂತೆ ಈ ಬಾರಿಯೂ ಬಾಲಕಿಯರೇ ಮೇಲುಗೈ: ರಾಜ್ಯದಲ್ಲಿರುವ ಶಾಲೆಗಳ ಪೈಕಿ 329 ಶಾಲೆಗಳು ಶೇ.100ರಷ್ಟು ಫಲಿತಾಂಶ ಬಂದರೆ 6 ಶಾಲೆಗಳು ಶೂನ್ಯ ಫಲಿತಾಂಶ ಪಡೆದಿವೆ. ಆದರೆ 8 ಅನುದಾನಿತ ಶಾಲೆಗಳು ಗುರುತ್ವ ಹಾಗೂ 30 ಶಾಲೆಗಳು ಶೂನ್ಯ ಫಲಿತಾಂಶ ಪಡೆದಿವೆ. ಡಿ. 539 ಅನುದಾನಿತ ಶಾಲೆಗಳು ಶೇ.100ರಷ್ಟು ರಿಸಲ್ಟ್ ಪಡೆದಿವೆ. 108 ಶಾಲೆಗಳು ಶೂನ್ಯ ಫಲಿತಾಂಶ ಪಡೆದಿವೆ. ಒಟ್ಟಾರೆ 921 ಶಾಲೆಗಳು ಗರಿಷ್ಠ ಅಂಕ ಸಾಧಿಸಿವೆ, 144 ಶಾಲೆಗಳು ಶೂನ್ಯ ಅಂಕ ಸಾಧಿಸಿವೆ. ಒಟ್ಟು 3,90,311 ವಿದ್ಯಾರ್ಥಿಗಳ ಪೈಕಿ 2,26,637 ವಿದ್ಯಾರ್ಥಿಗಳು ಪಾಸ್ ಆಗಿದ್ದಾರೆ. ಅದರಂತೆ 400579 ವಿದ್ಯಾರ್ಥಿನಿಯರ ಪೈಕಿ 2,96,438 ಮಂದಿ ಪಾಸ್ ಆಗಿದ್ದಾರೆ. ಶೇ.74 ಬಾಲಕಿಯರು ಹಾಗೂ ಶೇ.58.07ರಷ್ಟು ಬಾಲಕರು ಉತ್ತೀರ್ಣರಾಗಿದ್ದಾರೆ.
ಸೆನ್ಸೆಕ್ಸ್	80,501.99	ನಿಫ್ಟಿ- 50	24,346.70	ಚಿನ್ನ 24 ಕ್ಯಾರೆಟ್	₹ 95,510 (10 ಗ್ರಾಂ) ಚಿನ್ನ 22 ಕ್ಯಾರೆಟ್	₹ 87,550 (10 ಗ್ರಾಂ)	ಬೆಳ್ಳಿ:	₹ 93,941.00 (1 ಕೆಜಿ)	ಡಾಲರ್: ₹ 84.31(ಪ್ರತಿ ಡಾಲರ್)
